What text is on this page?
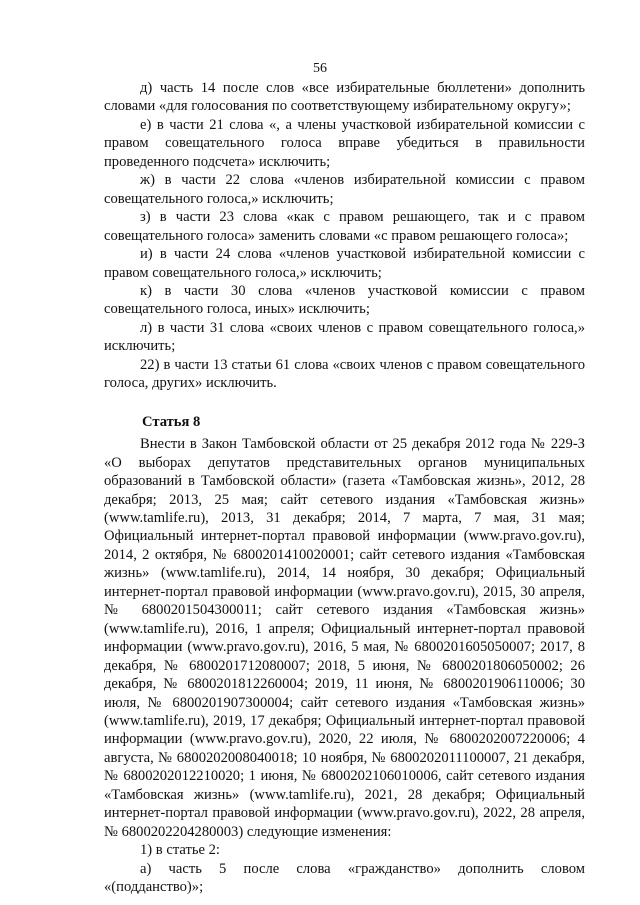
56

д) часть 14 после слов «все избирательные бюллетени» дополнить словами «для голосования по соответствующему избирательному округу»;

е) в части 21 слова «, а члены участковой избирательной комиссии с правом совещательного голоса вправе убедиться в правильности проведенного подсчета» исключить;

ж) в части 22 слова «членов избирательной комиссии с правом совещательного голоса,» исключить;

з) в части 23 слова «как с правом решающего, так и с правом совещательного голоса» заменить словами «с правом решающего голоса»;

и) в части 24 слова «членов участковой избирательной комиссии с правом совещательного голоса,» исключить;

к) в части 30 слова «членов участковой комиссии с правом совещательного голоса, иных» исключить;

л) в части 31 слова «своих членов с правом совещательного голоса,» исключить;

22) в части 13 статьи 61 слова «своих членов с правом совещательного голоса, других» исключить.

Статья 8

Внести в Закон Тамбовской области от 25 декабря 2012 года № 229-З «О выборах депутатов представительных органов муниципальных образований в Тамбовской области» (газета «Тамбовская жизнь», 2012, 28 декабря; 2013, 25 мая; сайт сетевого издания «Тамбовская жизнь» (www.tamlife.ru), 2013, 31 декабря; 2014, 7 марта, 7 мая, 31 мая; Официальный интернет-портал правовой информации (www.pravo.gov.ru), 2014, 2 октября, № 6800201410020001; сайт сетевого издания «Тамбовская жизнь» (www.tamlife.ru), 2014, 14 ноября, 30 декабря; Официальный интернет-портал правовой информации (www.pravo.gov.ru), 2015, 30 апреля, № 6800201504300011; сайт сетевого издания «Тамбовская жизнь» (www.tamlife.ru), 2016, 1 апреля; Официальный интернет-портал правовой информации (www.pravo.gov.ru), 2016, 5 мая, № 6800201605050007; 2017, 8 декабря, № 6800201712080007; 2018, 5 июня, № 6800201806050002; 26 декабря, № 6800201812260004; 2019, 11 июня, № 6800201906110006; 30 июля, № 6800201907300004; сайт сетевого издания «Тамбовская жизнь» (www.tamlife.ru), 2019, 17 декабря; Официальный интернет-портал правовой информации (www.pravo.gov.ru), 2020, 22 июля, № 6800202007220006; 4 августа, № 6800202008040018; 10 ноября, № 6800202011100007, 21 декабря, № 6800202012210020; 1 июня, № 6800202106010006, сайт сетевого издания «Тамбовская жизнь» (www.tamlife.ru), 2021, 28 декабря; Официальный интернет-портал правовой информации (www.pravo.gov.ru), 2022, 28 апреля, № 6800202204280003) следующие изменения:

1) в статье 2:

а) часть 5 после слова «гражданство» дополнить словом «(подданство)»;
